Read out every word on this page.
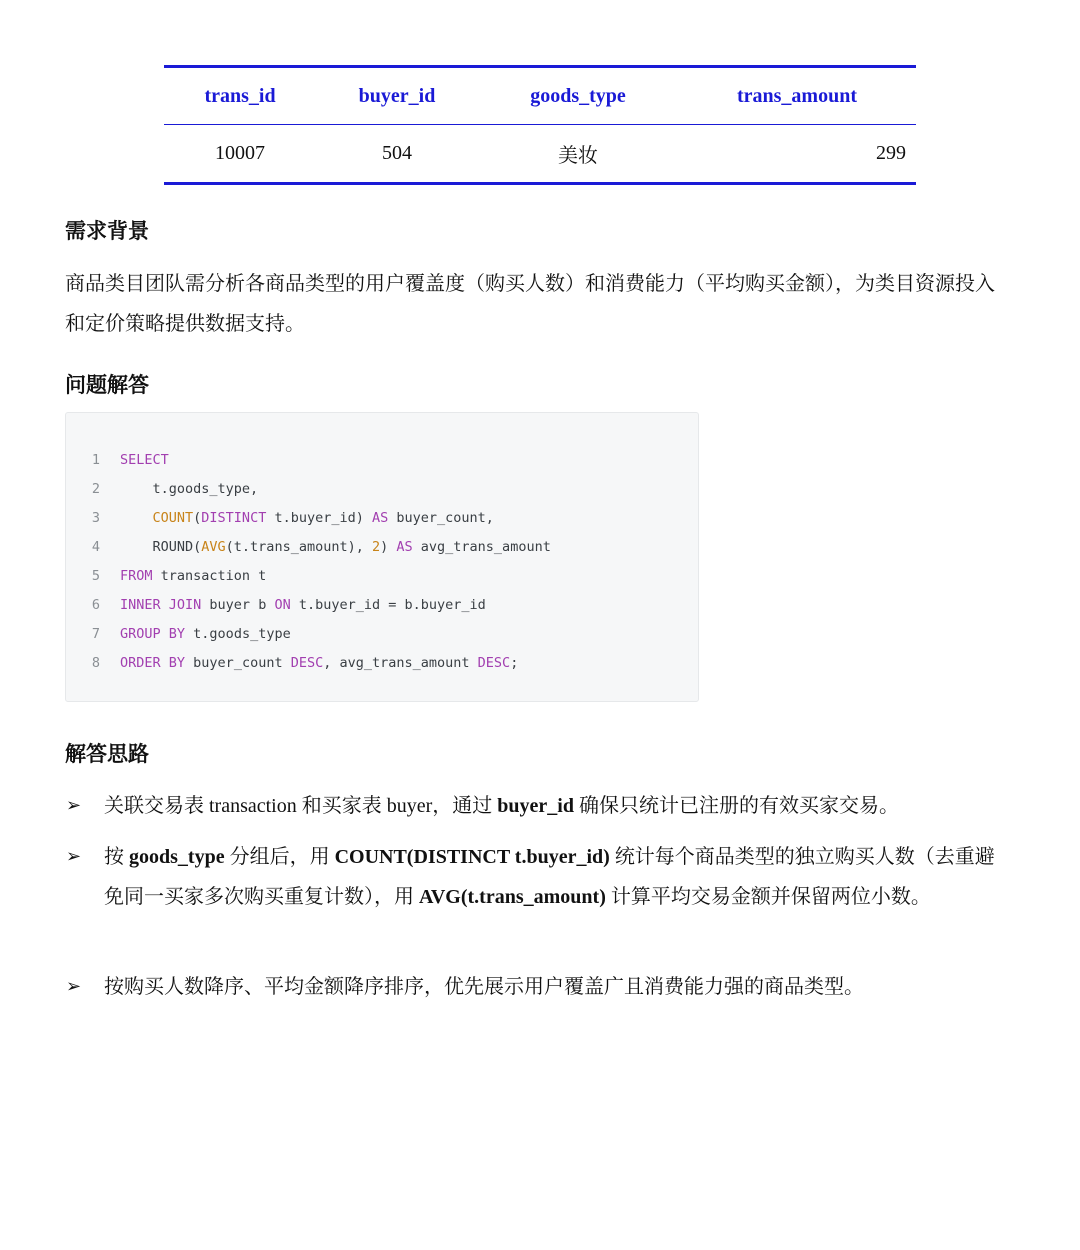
trans_id	buyer_id	goods_type	trans_amount
10007	504	美妆	299
需求背景

商品类目团队需分析各商品类型的用户覆盖度（购买人数）和消费能力（平均购买金额），为类目资源投入和定价策略提供数据支持。

问题解答
1 SELECT
2    t.goods_type,
3	COUNT(DISTINCT t.buyer_id) AS buyer_count,
4    ROUND(AVG(t.trans_amount), 2) AS avg_trans_amount
5 FROM transaction t
6 INNER JOIN buyer b ON t.buyer_id = b.buyer_id
7 GROUP BY t.goods_type
8 ORDER BY buyer_count DESC, avg_trans_amount DESC;
解答思路
➢ 关联交易表 transaction 和买家表 buyer，通过 buyer_id 确保只统计已注册的有效买家交易。
➢ 按 goods_type 分组后，用 COUNT(DISTINCT t.buyer_id) 统计每个商品类型的独立购买人数（去重避免同一买家多次购买重复计数），用 AVG(t.trans_amount) 计算平均交易金额并保留两位小数。
➢ 按购买人数降序、平均金额降序排序，优先展示用户覆盖广且消费能力强的商品类型。
